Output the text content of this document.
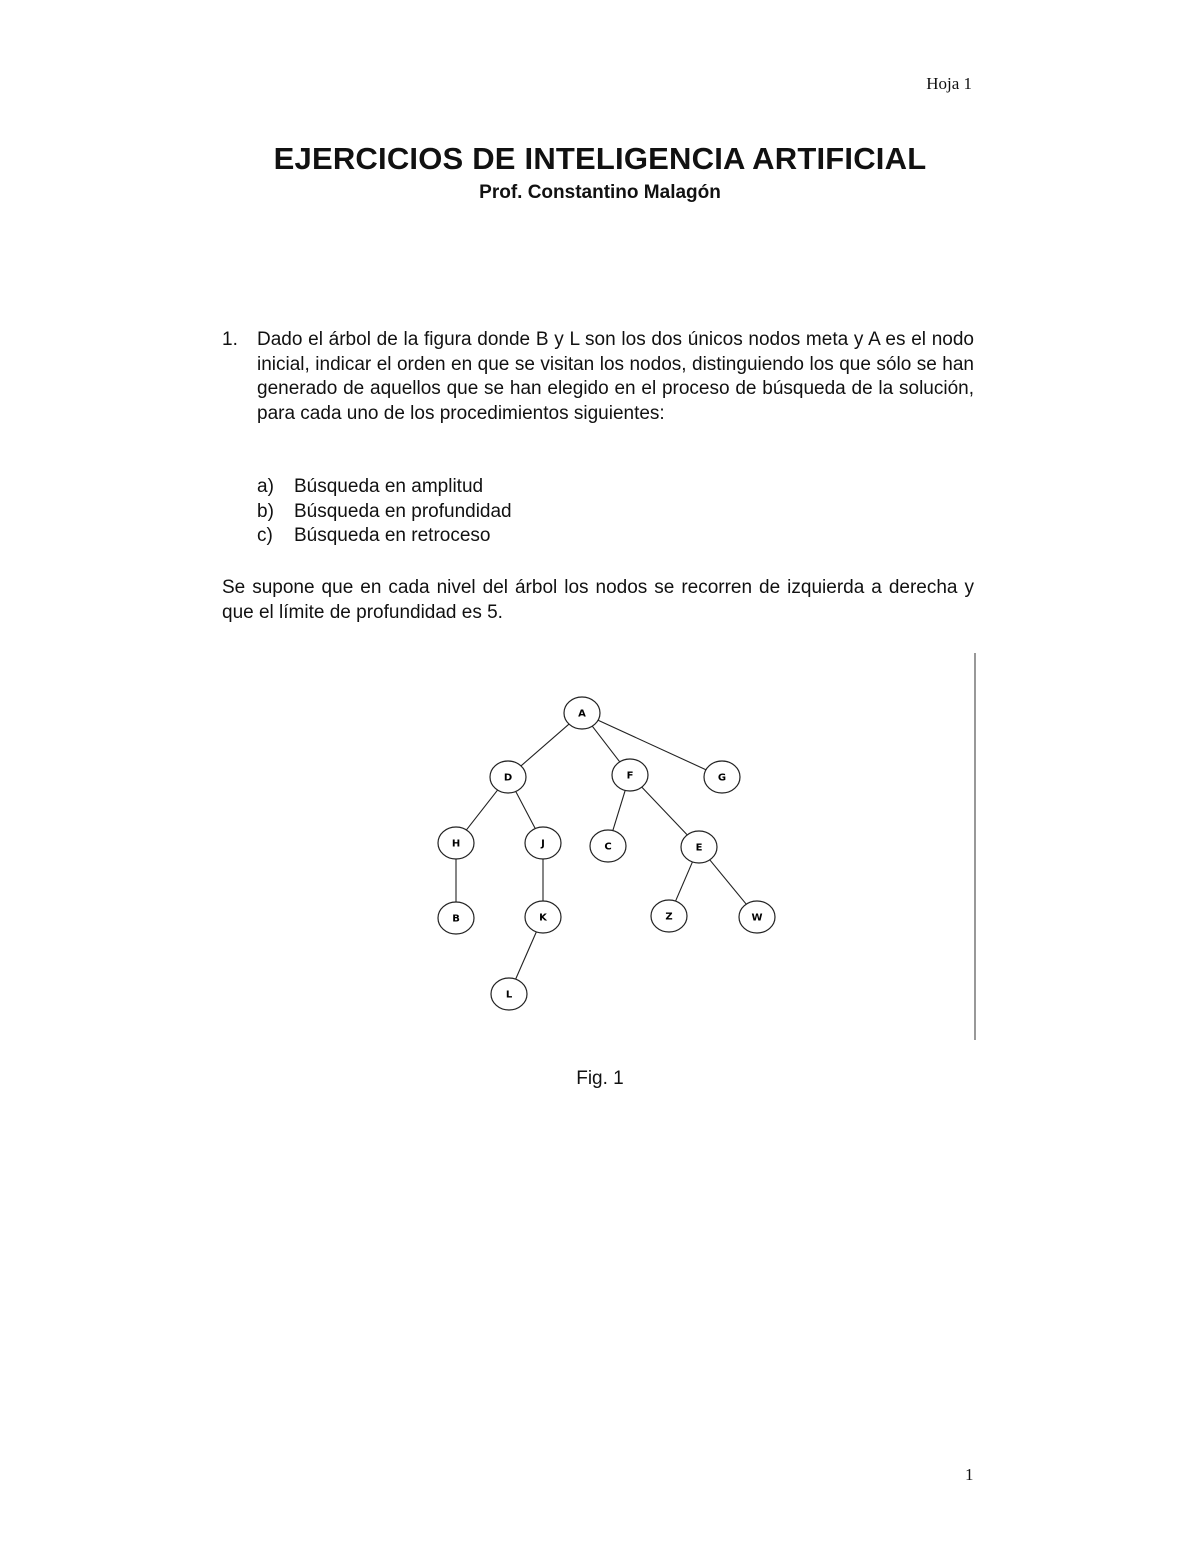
Hoja 1
EJERCICIOS DE INTELIGENCIA ARTIFICIAL
Prof. Constantino Malagón
1. Dado el árbol de la figura donde B y L son los dos únicos nodos meta y A es el nodo inicial, indicar el orden en que se visitan los nodos, distinguiendo los que sólo se han generado de aquellos que se han elegido en el proceso de búsqueda de la solución, para cada uno de los procedimientos siguientes:
a)	Búsqueda en amplitud
b)	Búsqueda en profundidad
c)	Búsqueda en retroceso
Se supone que en cada nivel del árbol los nodos se recorren de izquierda a derecha y que el límite de profundidad es 5.
A
D	F	G
H	J	C	E
B	K	Z	W
L
Fig. 1
1
